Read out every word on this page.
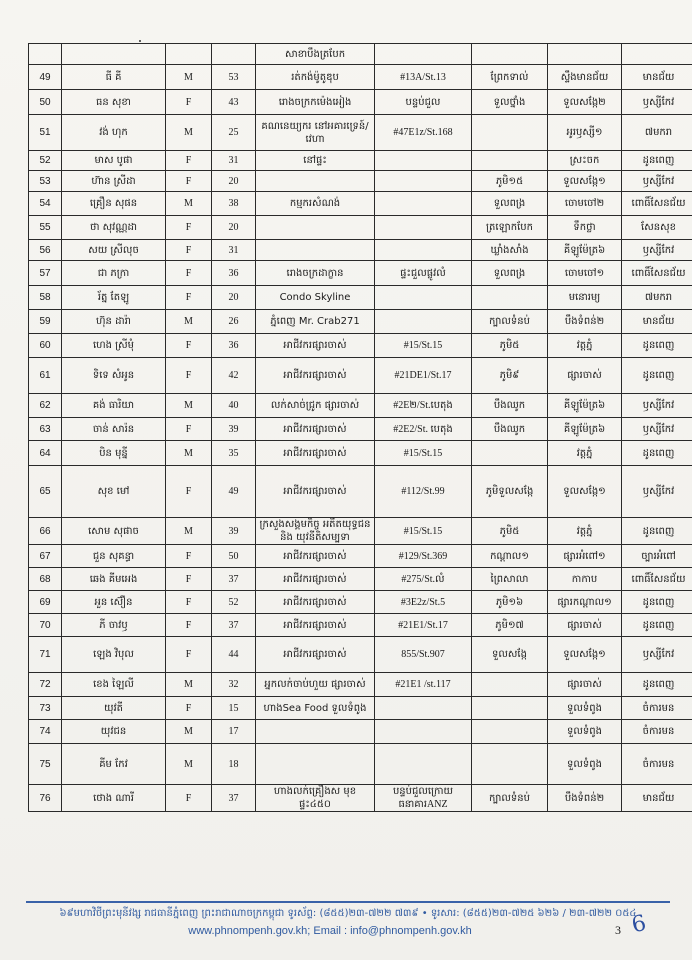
				សាខាបឹងត្របែក				
49	ធី គី	M	53	រត់កង់ម៉ូតូឌុប	#13A/St.13	ព្រែកទាល់	ស្ទឹងមានជ័យ	មានជ័យ
50	ធន សុខា	F	43	រោងចក្រកម៉េងអៀង	បន្ទប់ជួល	ទួលថ្នាំង	ទួលសង្កែ២	ឫស្សីកែវ
51	វង់ ហុក	M	25	គណនេយ្យករ នៅអគារទ្រេន៍/វេហា	#47E1z/St.168		អូរឫស្សី១	៧មករា
52	មាស បូផា	F	31	នៅផ្ទះ			ស្រះចក	ដូនពេញ
53	ហ៊ាន ស្រីដា	F	20			ភូមិ១៥	ទួលសង្កែ១	ឫស្សីកែវ
54	គ្រឿន សុផន	M	38	កម្មករសំណង់		ទួលពង្រ	ចោមចៅ២	ពោធិ៍សែនជ័យ
55	ថា សុវណ្ណដា	F	20			ត្រឡោកបែក	ទឹកថ្លា	សែនសុខ
56	សយ ស្រីលុច	F	31			ឃ្លាំងសាំង	គីឡូម៉ែត្រ៦	ឫស្សីកែវ
57	ជា ភក្រា	F	36	រោងចក្រដាក្ខាន	ផ្ទះជួលផ្លូវលំ	ទួលពង្រ	ចោមចៅ១	ពោធិ៍សែនជ័យ
58	រ័ត្ន តែឡូ	F	20	Condo Skyline			មនោរម្យ	៧មករា
59	ហ៊ុន ដារ៉ា	M	26	ភ្នំពេញ Mr. Crab271		ក្បាលទំនប់	បឹងទំពន់២	មានជ័យ
60	ហេង ស្រីមុំ	F	36	អាជីវករផ្សារចាស់	#15/St.15	ភូមិ៥	វត្តភ្នំ	ដូនពេញ
61	ទិទេ សំអូន	F	42	អាជីវករផ្សារចាស់	#21DE1/St.17	ភូមិ៩	ផ្សារចាស់	ដូនពេញ
62	គង់ ធារិយា	M	40	លក់សាច់ជ្រូក ផ្សារចាស់	#2E២/St.បេតុង	បឹងឈូក	គីឡូម៉ែត្រ៦	ឫស្សីកែវ
63	ចាន់ សារ៉ន	F	39	អាជីវករផ្សារចាស់	#2E2/St. បេតុង	បឹងឈូក	គីឡូម៉ែត្រ៦	ឫស្សីកែវ
64	បិន មុន្នី	M	35	អាជីវករផ្សារចាស់	#15/St.15		វត្តភ្នំ	ដូនពេញ
65	សុខ មៅ	F	49	អាជីវករផ្សារចាស់	#112/St.99	ភូមិទួលសង្កែ	ទួលសង្កែ១	ឫស្សីកែវ
66	សោម សុផាច	M	39	ក្រសួងសង្គមកិច្ច អតីតយុទ្ធជន និង យុវនីតិសម្បទា	#15/St.15	ភូមិ៥	វត្តភ្នំ	ដូនពេញ
67	ជួន សុគន្ធា	F	50	អាជីវករផ្សារចាស់	#129/St.369	កណ្តាល១	ផ្សារអំពៅ១	ច្បារអំពៅ
68	ឆេង គីមអេង	F	37	អាជីវករផ្សារចាស់	#275/St.លំ	ព្រៃសាលា	កាកាប	ពោធិ៍សែនជ័យ
69	អួន ស៊ឿន	F	52	អាជីវករផ្សារចាស់	#3E2z/St.5	ភូមិ១៦	ផ្សារកណ្តាល១	ដូនពេញ
70	ភី ចាវឫ	F	37	អាជីវករផ្សារចាស់	#21E1/St.17	ភូមិ១៧	ផ្សារចាស់	ដូនពេញ
71	ឡេង វិបុល	F	44	អាជីវករផ្សារចាស់	855/St.907	ទួលសង្កែ	ទួលសង្កែ១	ឫស្សីកែវ
72	ខេង ឡៃលី	M	32	អ្នកលក់ចាប់ហួយ ផ្សារចាស់	#21E1 /st.117		ផ្សារចាស់	ដូនពេញ
73	យុវតី	F	15	ហាងSea Food ទួលទំពូង			ទួលទំពូង	ចំការមន
74	យុវជន	M	17				ទួលទំពូង	ចំការមន
75	គីម កែវ	M	18				ទួលទំពូង	ចំការមន
76	ថោង ណារី	F	37	ហាងលក់គ្រឿងស មុខផ្ទះ៤៥០	បន្ទប់ជួលក្រោយ ធនាគារANZ	ក្បាលទំនប់	បឹងទំពន់២	មានជ័យ
៦៩មហាវិថីព្រះមុនីវង្ស រាជធានីភ្នំពេញ ព្រះរាជាណាចក្រកម្ពុជា ទូរស័ព្ទ: (៨៥៥)២៣-៧២២ ៧៣៩ • ទូរសារ: (៨៥៥)២៣-៧២៥ ៦២៦ / ២៣-៧២២ ០៥៤
www.phnompenh.gov.kh; Email : info@phnompenh.gov.kh	3 6
